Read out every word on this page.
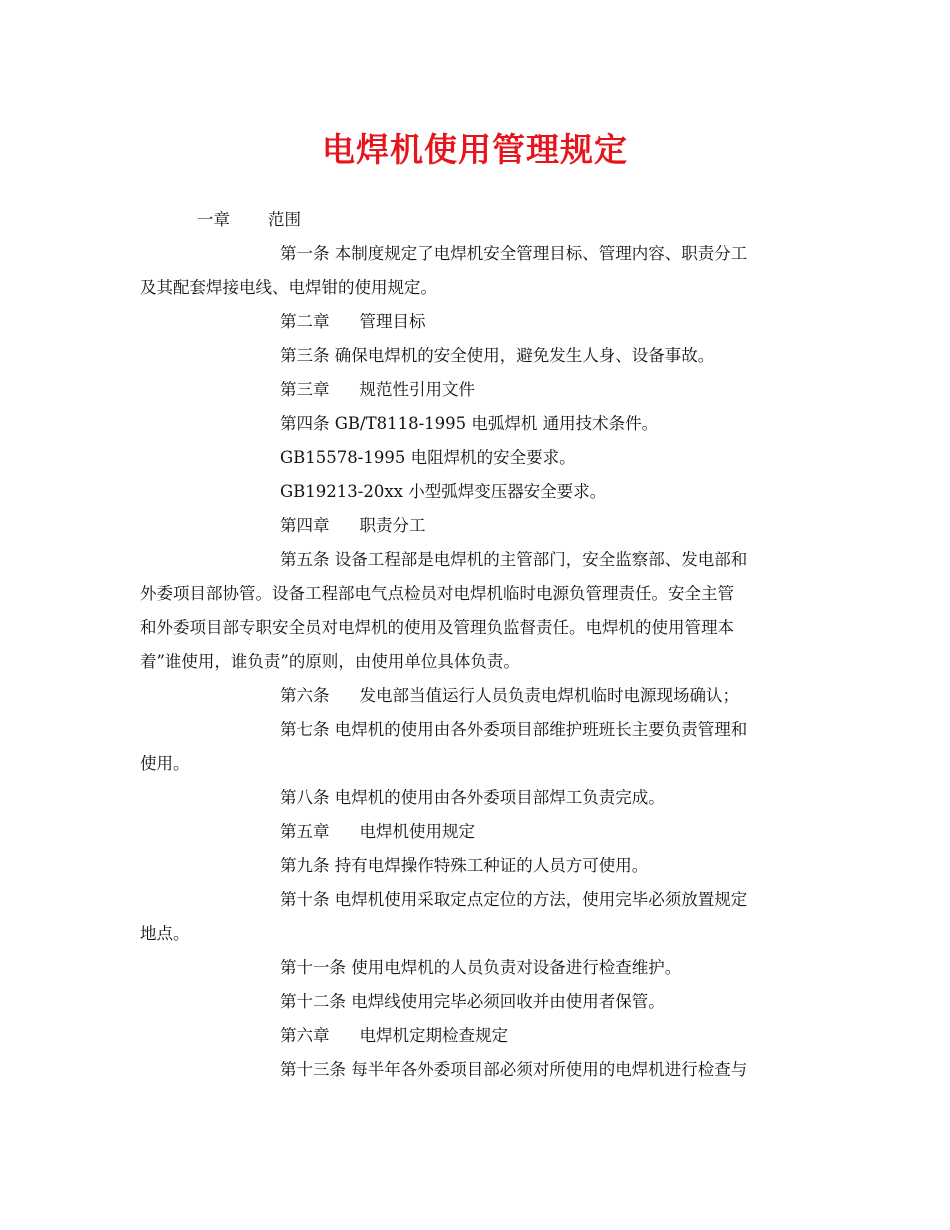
电焊机使用管理规定
一章 范围
第一条 本制度规定了电焊机安全管理目标、管理内容、职责分工
及其配套焊接电线、电焊钳的使用规定。
第二章 管理目标
第三条 确保电焊机的安全使用，避免发生人身、设备事故。
第三章 规范性引用文件
第四条 GB/T8118-1995 电弧焊机 通用技术条件。
GB15578-1995 电阻焊机的安全要求。
GB19213-20xx 小型弧焊变压器安全要求。
第四章 职责分工
第五条 设备工程部是电焊机的主管部门，安全监察部、发电部和
外委项目部协管。设备工程部电气点检员对电焊机临时电源负管理责任。安全主管
和外委项目部专职安全员对电焊机的使用及管理负监督责任。电焊机的使用管理本
着”谁使用，谁负责”的原则，由使用单位具体负责。
第六条 发电部当值运行人员负责电焊机临时电源现场确认；
第七条 电焊机的使用由各外委项目部维护班班长主要负责管理和
使用。
第八条 电焊机的使用由各外委项目部焊工负责完成。
第五章 电焊机使用规定
第九条 持有电焊操作特殊工种证的人员方可使用。
第十条 电焊机使用采取定点定位的方法，使用完毕必须放置规定
地点。
第十一条 使用电焊机的人员负责对设备进行检查维护。
第十二条 电焊线使用完毕必须回收并由使用者保管。
第六章 电焊机定期检查规定
第十三条 每半年各外委项目部必须对所使用的电焊机进行检查与
